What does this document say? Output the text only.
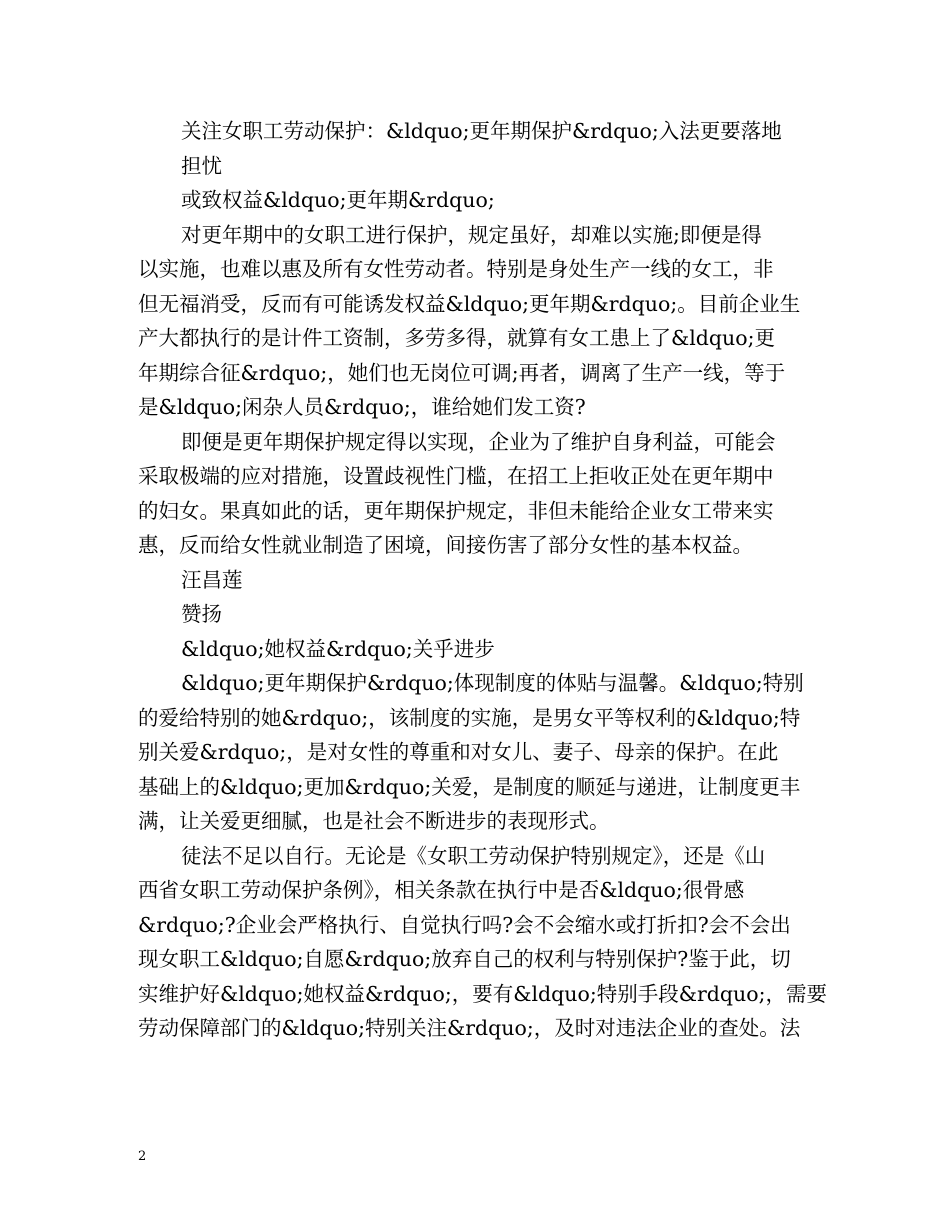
关注女职工劳动保护：&ldquo;更年期保护&rdquo;入法更要落地
担忧
或致权益&ldquo;更年期&rdquo;
对更年期中的女职工进行保护，规定虽好，却难以实施;即便是得
以实施，也难以惠及所有女性劳动者。特别是身处生产一线的女工，非
但无福消受，反而有可能诱发权益&ldquo;更年期&rdquo;。目前企业生
产大都执行的是计件工资制，多劳多得，就算有女工患上了&ldquo;更
年期综合征&rdquo;，她们也无岗位可调;再者，调离了生产一线，等于
是&ldquo;闲杂人员&rdquo;，谁给她们发工资?
即便是更年期保护规定得以实现，企业为了维护自身利益，可能会
采取极端的应对措施，设置歧视性门槛，在招工上拒收正处在更年期中
的妇女。果真如此的话，更年期保护规定，非但未能给企业女工带来实
惠，反而给女性就业制造了困境，间接伤害了部分女性的基本权益。
汪昌莲
赞扬
&ldquo;她权益&rdquo;关乎进步
&ldquo;更年期保护&rdquo;体现制度的体贴与温馨。&ldquo;特别
的爱给特别的她&rdquo;，该制度的实施，是男女平等权利的&ldquo;特
别关爱&rdquo;，是对女性的尊重和对女儿、妻子、母亲的保护。在此
基础上的&ldquo;更加&rdquo;关爱，是制度的顺延与递进，让制度更丰
满，让关爱更细腻，也是社会不断进步的表现形式。
徒法不足以自行。无论是《女职工劳动保护特别规定》，还是《山
西省女职工劳动保护条例》，相关条款在执行中是否&ldquo;很骨感
&rdquo;?企业会严格执行、自觉执行吗?会不会缩水或打折扣?会不会出
现女职工&ldquo;自愿&rdquo;放弃自己的权利与特别保护?鉴于此，切
实维护好&ldquo;她权益&rdquo;，要有&ldquo;特别手段&rdquo;，需要
劳动保障部门的&ldquo;特别关注&rdquo;，及时对违法企业的查处。法
2
